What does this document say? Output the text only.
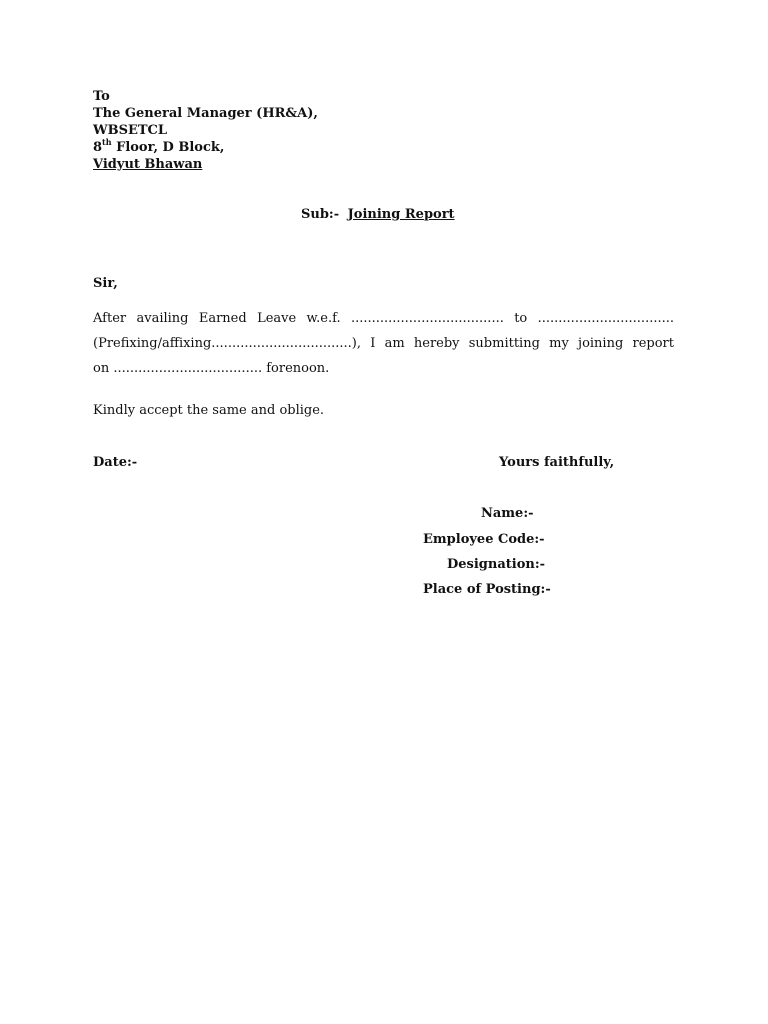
To
The General Manager (HR&A),
WBSETCL
8th Floor, D Block,
Vidyut Bhawan
Sub:- Joining Report
Sir,
After availing Earned Leave w.e.f. ..................................... to .................................
(Prefixing/affixing..................................), I am hereby submitting my joining report
on .................................... forenoon.
Kindly accept the same and oblige.
Date:-	Yours faithfully,
Name:-
Employee Code:-
Designation:-
Place of Posting:-
